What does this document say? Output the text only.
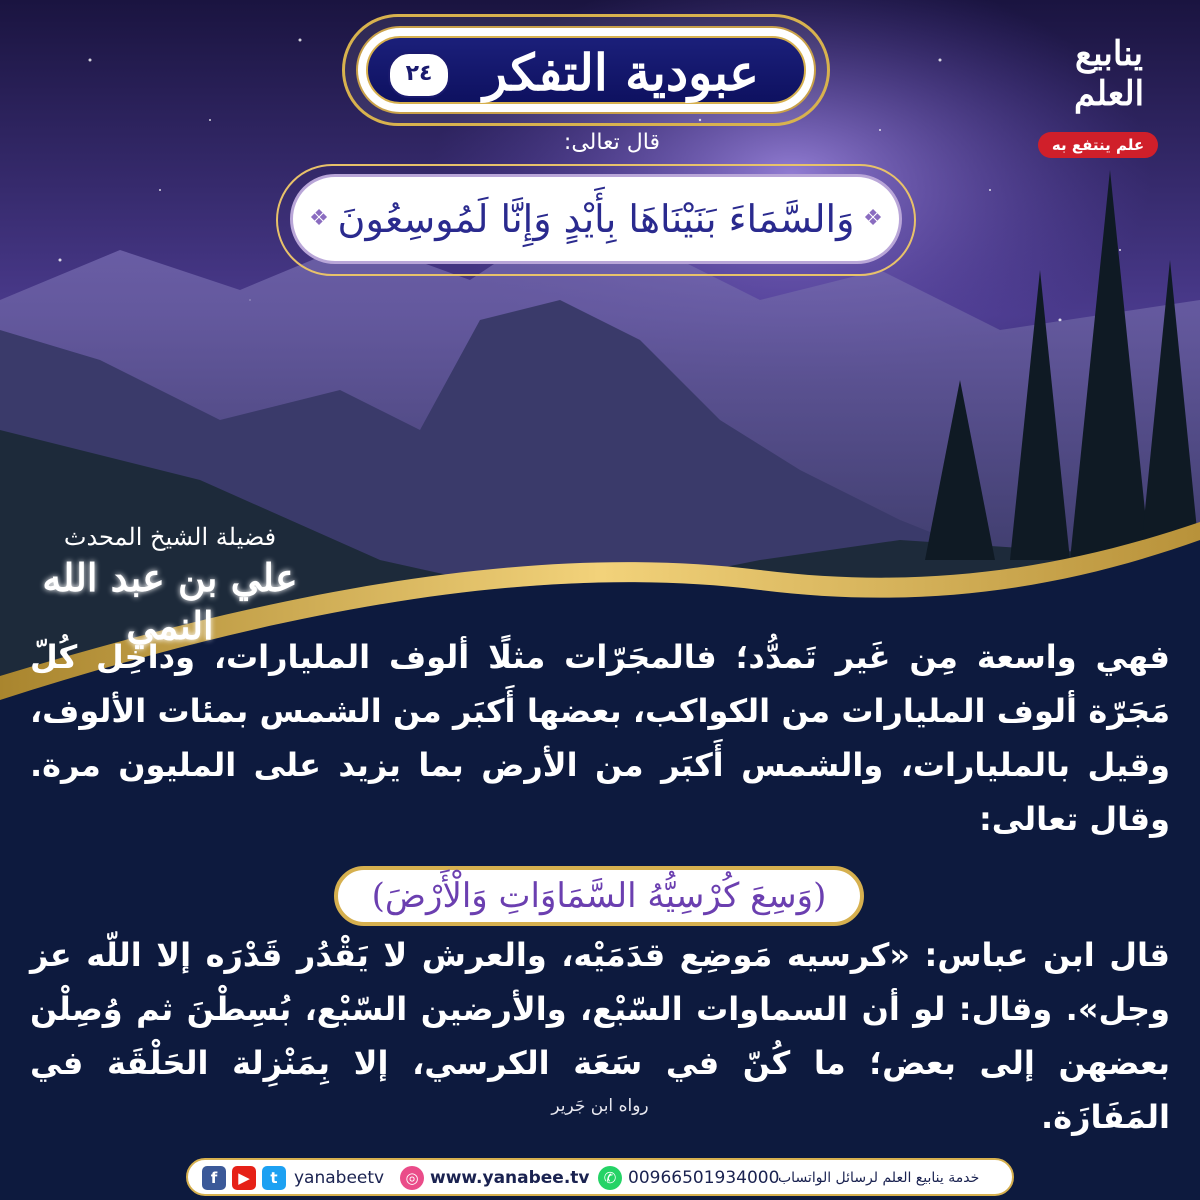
عبودية التفكر
٢٤
قال تعالى:
❖ وَالسَّمَاءَ بَنَيْنَاهَا بِأَيْدٍ وَإِنَّا لَمُوسِعُونَ ❖
ينابيع العلم
علم ينتفع به
فضيلة الشيخ المحدث
علي بن عبد الله النمي
فهي واسعة مِن غَير تَمدُّد؛ فالمجَرّات مثلًا ألوف المليارات، وداخِل كُلّ مَجَرّة ألوف المليارات من الكواكب، بعضها أَكبَر من الشمس بمئات الألوف، وقيل بالمليارات، والشمس أَكبَر من الأرض بما يزيد على المليون مرة. وقال تعالى:
(وَسِعَ كُرْسِيُّهُ السَّمَاوَاتِ وَالْأَرْضَ)
قال ابن عباس: «كرسيه مَوضِع قدَمَيْه، والعرش لا يَقْدُر قَدْرَه إلا اللّه عز وجل». وقال: لو أن السماوات السّبْع، والأرضين السّبْع، بُسِطْنَ ثم وُصِلْن بعضهن إلى بعض؛ ما كُنّ في سَعَة الكرسي، إلا بِمَنْزِلة الحَلْقَة في المَفَازَة.
رواه ابن جَرير
f	▶	t yanabeetv	◎ www.yanabee.tv ✆ 00966501934000
خدمة ينابيع العلم لرسائل الواتساب
